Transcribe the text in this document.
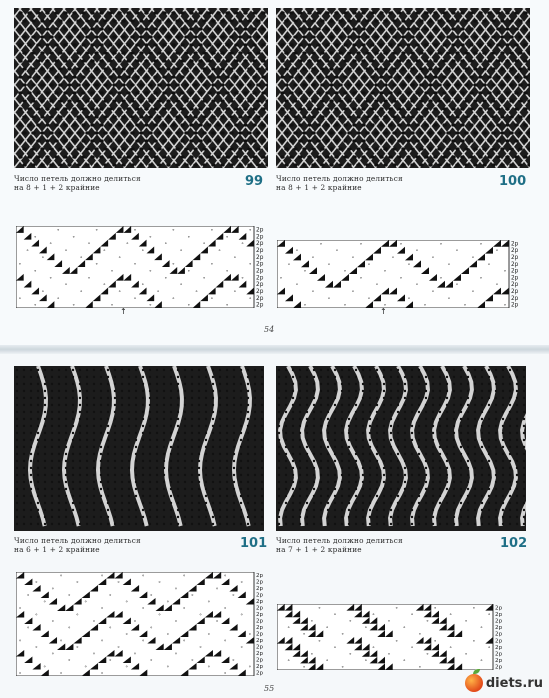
Число петель должно делиться
на 8 + 1 + 2 крайние	99 Число петель должно делиться
на 8 + 1 + 2 крайние	100
Число петель должно делиться
на 6 + 1 + 2 крайние	101 Число петель должно делиться
на 7 + 1 + 2 крайние	102
∘	∘	∘	∘	∘	∘
∘	∘	∘	∘	∘
∘	∘	∘	∘	∘	∘
∘	∘	∘	∘	∘	∘
∘	∘	∘	∘
∘	∘	∘	∘	∘	∘
∘	∘	∘	∘	∘
∘	∘	∘	∘	∘
∘	∘	∘	∘
∘	∘	∘	∘	∘	∘
∘	∘	∘	∘	∘	∘
∘	∘	∘	∘	∘	∘
2р
2р
2р
2р
2р
2р
2р
2р
2р
2р
2р
2р
∘	∘	∘	∘	∘
∘	∘	∘	∘	∘
∘	∘	∘	∘	∘
∘	∘	∘	∘	∘	∘
∘	∘	∘	∘
∘	∘	∘	∘	∘
∘	∘	∘	∘	∘
∘	∘	∘	∘
∘	∘	∘	∘
∘	∘	∘	∘	∘	∘
2р
2р
2р
2р
2р
2р
2р
2р
2р
2р
∘	∘	∘	∘	∘
∘	∘	∘	∘	∘
∘	∘	∘
∘	∘	∘	∘	∘	∘
∘	∘	∘	∘	∘
∘	∘	∘	∘	∘
∘	∘	∘	∘	∘
∘	∘	∘	∘	∘
∘	∘	∘	∘
∘	∘	∘	∘
∘	∘	∘	∘	∘	∘
∘	∘	∘	∘	∘
∘	∘	∘	∘
∘	∘	∘	∘	∘
∘	∘	∘	∘	∘	∘
∘	∘	∘	∘
2р
2р
2р
2р
2р
2р
2р
2р
2р
2р
2р
2р
2р
2р
2р
2р
∘	∘	∘	∘
∘	∘	∘	∘	∘
∘	∘	∘	∘	∘
∘	∘	∘	∘	∘
∘	∘	∘
∘	∘	∘	∘
∘	∘	∘	∘	∘
∘	∘	∘	∘	∘
∘	∘	∘	∘	∘
∘	∘	∘
2р
2р
2р
2р
2р
2р
2р
2р
2р
2р
↑	↑
54
55	diets.ru
